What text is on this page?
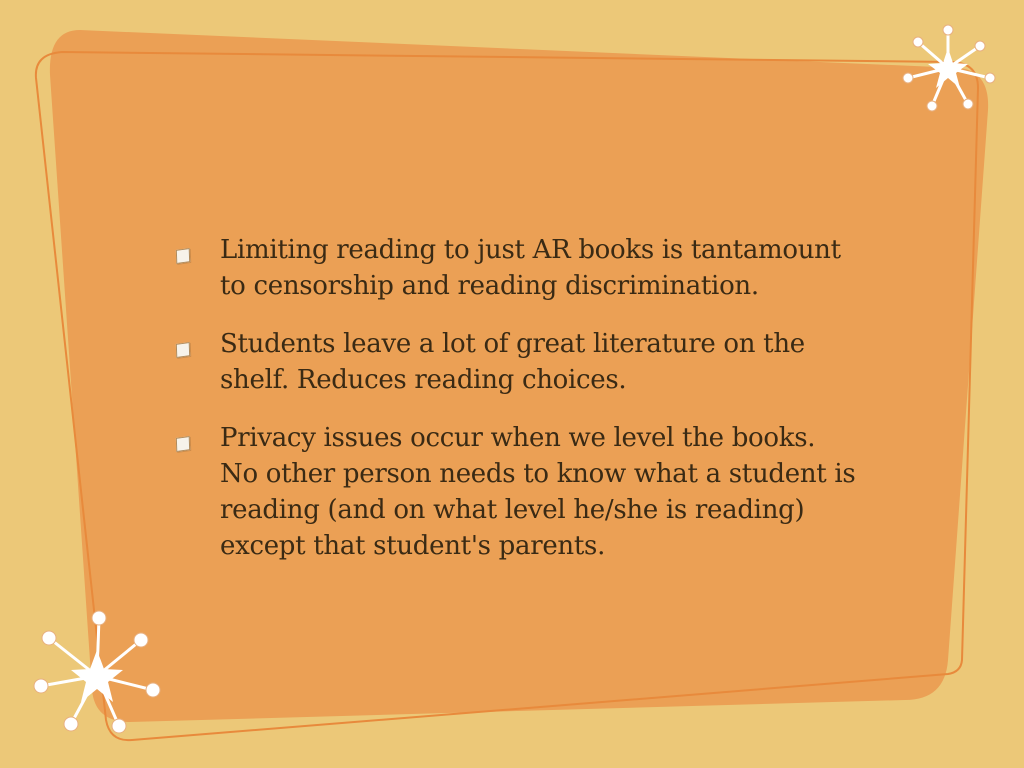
Limiting reading to just AR books is tantamount to censorship and reading discrimination.
Students leave a lot of great literature on the shelf. Reduces reading choices.
Privacy issues occur when we level the books. No other person needs to know what a student is reading (and on what level he/she is reading) except that student's parents.
